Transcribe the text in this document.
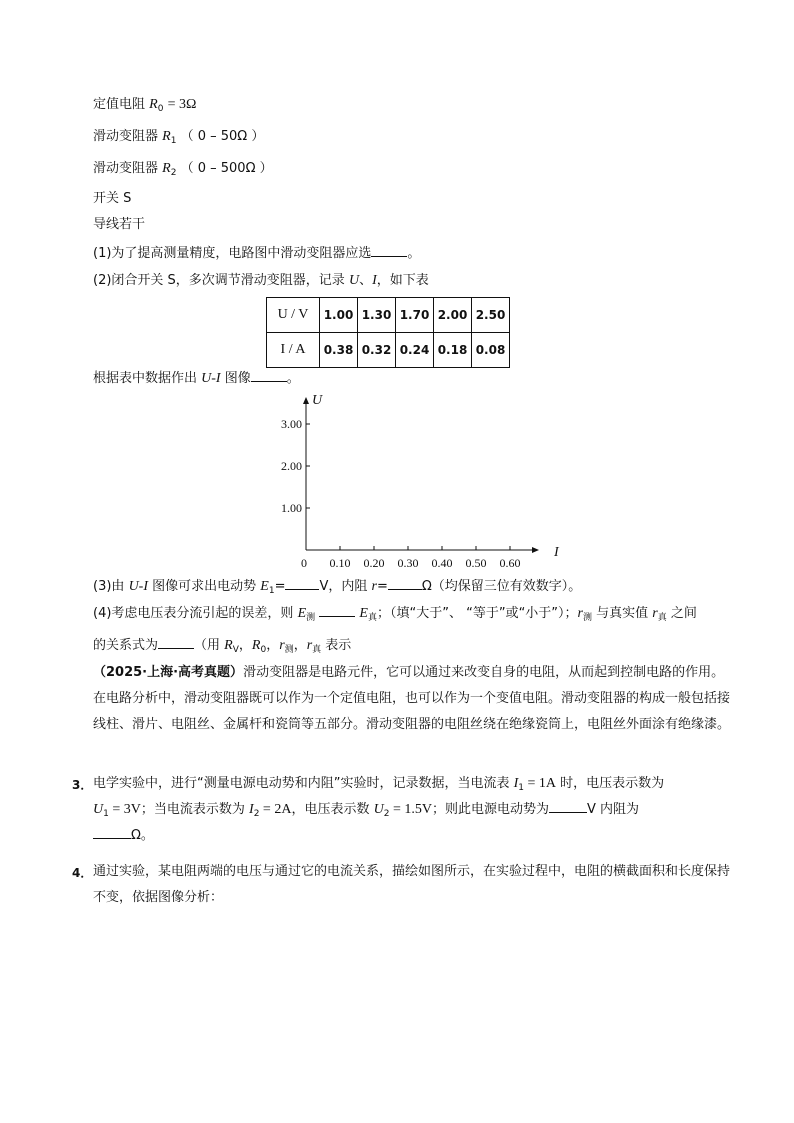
定值电阻 $R_0 = 3\Omega$
滑动变阻器 $R_1$ （ 0 – 50Ω ）
滑动变阻器 $R_2$ （ 0 – 500Ω ）
开关 S
导线若干
(1)为了提高测量精度，电路图中滑动变阻器应选	。
(2)闭合开关 S，多次调节滑动变阻器，记录 U、I，如下表
U / V	1.00	1.30	1.70	2.00	2.50
I / A	0.38	0.32	0.24	0.18	0.08
根据表中数据作出 U-I 图像	。
0 0.10 0.20 0.30 0.40 0.50 0.60
1.00
2.00
3.00
I
U
(3)由 U-I 图像可求出电动势 $E_1=$	V，内阻 r=	Ω（均保留三位有效数字）。
(4)考虑电压表分流引起的误差，则 $E_测$	$E_真$；（填“大于”、 “等于”或“小于”）；$r_测$ 与真实值 $r_真$ 之间
的关系式为	（用 $R_V$，$R_0$，$r_测$，$r_真$ 表示
（2025·上海·高考真题）滑动变阻器是电路元件，它可以通过来改变自身的电阻，从而起到控制电路的作用。在电路分析中，滑动变阻器既可以作为一个定值电阻，也可以作为一个变值电阻。滑动变阻器的构成一般包括接线柱、滑片、电阻丝、金属杆和瓷筒等五部分。滑动变阻器的电阻丝绕在绝缘瓷筒上，电阻丝外面涂有绝缘漆。
3． 电学实验中，进行“测量电源电动势和内阻”实验时，记录数据，当电流表 $I_1 = 1A$ 时，电压表示数为
$U_1 = 3V$；当电流表示数为 $I_2 = 2A$，电压表示数 $U_2 = 1.5V$；则此电源电动势为	V 内阻为
Ω。
4． 通过实验，某电阻两端的电压与通过它的电流关系，描绘如图所示，在实验过程中，电阻的横截面积和长度保持不变，依据图像分析：
